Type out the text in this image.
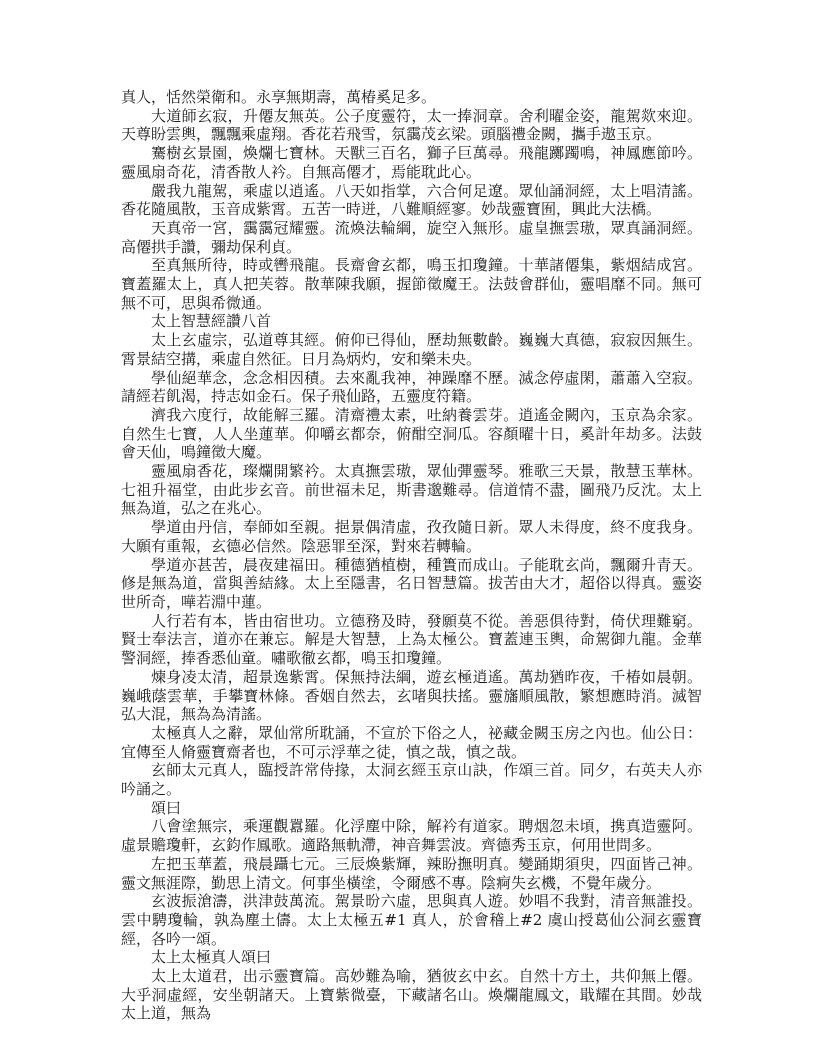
真人，恬然榮衛和。永享無期壽，萬椿奚足多。

大道師玄寂，升僊友無英。公子度靈符，太一捧洞章。舍利曜金姿，龍駕欻來迎。天尊盼雲輿，飄飄乘虛翔。香花若飛雪，氛靄茂玄梁。頭腦禮金闕，攜手遨玉京。

騫樹玄景園，煥爛七寶林。天獸三百名，獅子巨萬尋。飛龍躑躅鳴，神鳳應節吟。靈風扇奇花，清香散人衿。自無高僊才，焉能耽此心。

嚴我九龍駕，乘虛以逍遙。八天如指掌，六合何足遼。眾仙誦洞經，太上唱清謠。香花隨風散，玉音成紫霄。五苦一時迸，八難順經寥。妙哉靈寶囿，興此大法橋。

天真帝一宮，靄靄冠耀靈。流煥法輪綱，旋空入無形。虛皇撫雲璈，眾真誦洞經。高僊拱手讚，彌劫保利貞。

至真無所待，時或轡飛龍。長齋會玄都，鳴玉扣瓊鐘。十華諸僊集，紫烟結成宮。寶蓋羅太上，真人把芙蓉。散華陳我願，握節徵魔王。法鼓會群仙，靈唱靡不同。無可無不可，思與希微通。

太上智慧經讚八首

太上玄虛宗，弘道尊其經。俯仰已得仙，歷劫無數齡。巍巍大真德，寂寂因無生。霄景結空搆，乘虛自然征。日月為炳灼，安和樂未央。

學仙絕華念，念念相因積。去來亂我神，神躁靡不歷。滅念停虛閑，蕭蕭入空寂。請經若飢渴，持志如金石。保子飛仙路，五靈度符籍。

濟我六度行，故能解三羅。清齋禮太素，吐納養雲芽。逍遙金闕內，玉京為余家。自然生七寶，人人坐蓮華。仰嚼玄都奈，俯酣空洞瓜。容顏曜十日，奚計年劫多。法鼓會天仙，鳴鐘徵大魔。

靈風扇香花，璨爛開繁衿。太真撫雲璈，眾仙彈靈琴。雅歌三天景，散慧玉華林。七祖升福堂，由此步玄音。前世福未足，斯書邈難尋。信道情不盡，圖飛乃反沈。太上無為道，弘之在兆心。

學道由丹信，奉師如至親。挹景偶清虛，孜孜隨日新。眾人未得度，終不度我身。大願有重報，玄德必信然。陰惡罪至深，對來若轉輪。

學道亦甚苦，晨夜建福田。種德猶植樹，種簣而成山。子能耽玄尚，飄爾升青天。修是無為道，當與善結緣。太上至隱書，名日智慧篇。拔苦由大才，超俗以得真。靈姿世所奇，嘩若淵中蓮。

人行若有本，皆由宿世功。立德務及時，發願莫不從。善惡俱待對，倚伏理難窮。賢士奉法言，道亦在兼忘。解是大智慧，上為太極公。寶蓋連玉輿，命駕御九龍。金華警洞經，捧香悉仙童。嘯歌徹玄都，鳴玉扣瓊鐘。

煉身凌太清，超景逸紫霄。保無持法綱，遊玄極逍遙。萬劫猶昨夜，千椿如晨朝。巍峨蔭雲華，手攀寶林條。香姻自然去，玄啫與扶搖。靈旛順風散，繁想應時消。滅智弘大混，無為為清謠。

太極真人之辭，眾仙常所耽誦，不宣於下俗之人，祕藏金闕玉房之內也。仙公日：宜傳至人脩靈寶齋者也，不可示浮華之徒，慎之哉，慎之哉。

玄師太元真人，臨授許常侍掾，太洞玄經玉京山訣，作頌三首。同夕，右英夫人亦吟誦之。

頌曰

八會塗無宗，乘運觀囂羅。化浮塵中除，解衿有道家。聘烟忽未頃，携真造靈阿。虛景贍瓊軒，玄鈞作鳳歌。適路無軌滯，神音舞雲波。齊德秀玉京，何用世問多。

左把玉華蓋，飛晨躡七元。三辰煥紫輝，辣盼撫明真。變踊期須臾，四面皆己神。靈文無涯際，勤思上清文。何事坐橫塗，令爾感不專。陰痾失玄機，不覺年歲分。

玄波振滄濤，洪津鼓萬流。駕景昐六虛，思與真人遊。妙唱不我對，清音無誰投。雲中騁瓊輪，孰為塵土儔。太上太極五#1 真人，於會稽上#2 虞山授葛仙公洞玄靈寶經，各吟一頌。

太上太極真人頌曰

太上太道君，出示靈寶篇。高妙難為喻，猶彼玄中玄。自然十方土，共仰無上僊。大乎洞虛經，安坐朝諸天。上寶紫微臺，下藏諸名山。煥爛龍鳳文，戢耀在其間。妙哉太上道，無為
